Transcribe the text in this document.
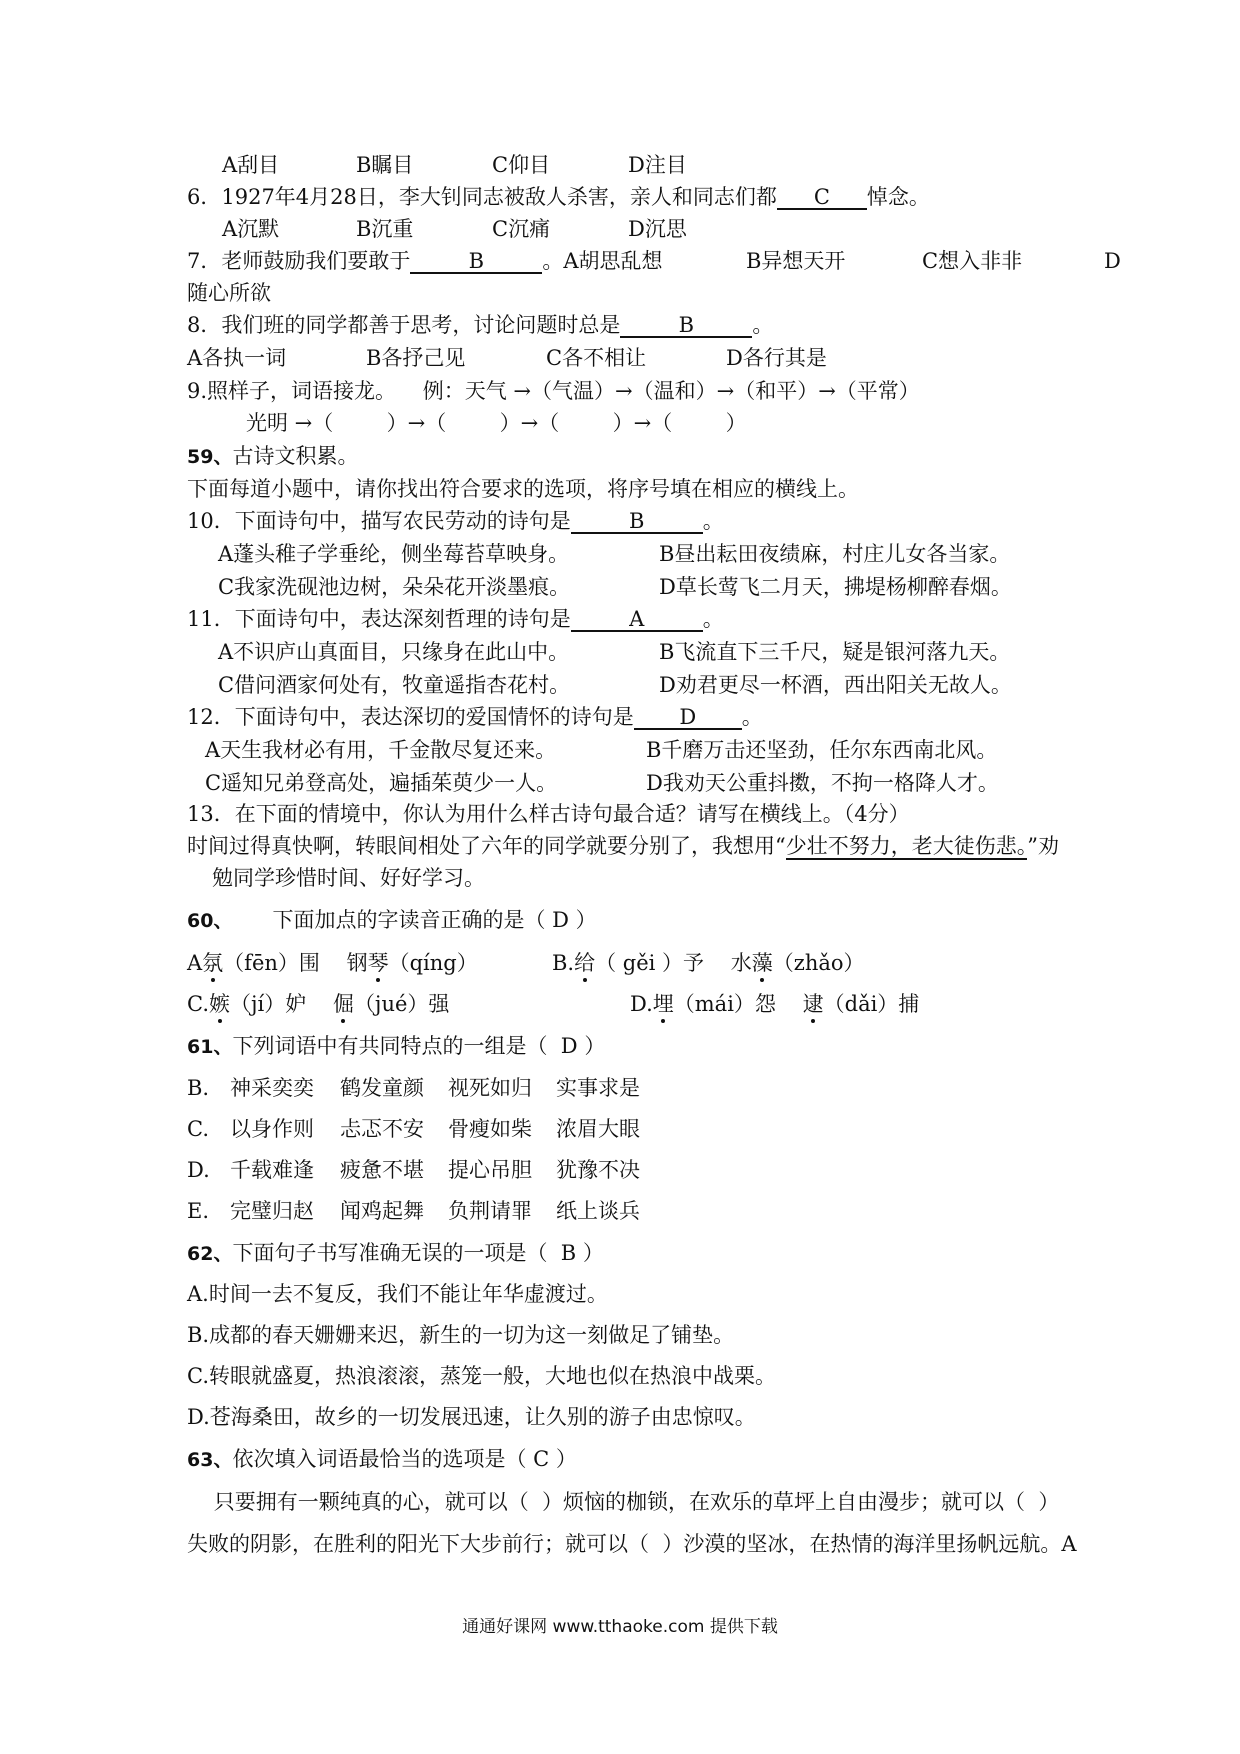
A刮目	B瞩目	C仰目	D注目
6．1927年4月28日，李大钊同志被敌人杀害，亲人和同志们都 C 悼念。
A沉默	B沉重	C沉痛	D沉思
7．老师鼓励我们要敢于	B	。A胡思乱想	B异想天开	C想入非非	D
随心所欲
8．我们班的同学都善于思考，讨论问题时总是	B	。
A各执一词	B各抒己见	C各不相让	D各行其是
9.照样子，词语接龙。    例：天气 →（气温）→（温和）→（和平）→（平常）
光明 →（        ）→（        ）→（        ）→（        ）
59、古诗文积累。
下面每道小题中，请你找出符合要求的选项，将序号填在相应的横线上。
10．下面诗句中，描写农民劳动的诗句是	B	。
A蓬头稚子学垂纶，侧坐莓苔草映身。	B昼出耘田夜绩麻，村庄儿女各当家。
C我家洗砚池边树，朵朵花开淡墨痕。	D草长莺飞二月天，拂堤杨柳醉春烟。
11．下面诗句中，表达深刻哲理的诗句是	A	。
A不识庐山真面目，只缘身在此山中。	B飞流直下三千尺，疑是银河落九天。
C借问酒家何处有，牧童遥指杏花村。	D劝君更尽一杯酒，西出阳关无故人。
12．下面诗句中，表达深切的爱国情怀的诗句是 D 。
A天生我材必有用，千金散尽复还来。	B千磨万击还坚劲，任尔东西南北风。
C遥知兄弟登高处，遍插茱萸少一人。	D我劝天公重抖擞，不拘一格降人才。
13．在下面的情境中，你认为用什么样古诗句最合适？请写在横线上。（4分）
时间过得真快啊，转眼间相处了六年的同学就要分别了，我想用“少壮不努力，老大徒伤悲。”劝
勉同学珍惜时间、好好学习。
60、 下面加点的字读音正确的是（ D ）
A氛（fēn）围    钢琴（qíng）	B.给（ gěi ）予    水藻（zhǎo）
C.嫉（jí）妒    倔（jué）强	D.埋（mái）怨    逮（dǎi）捕
61、下列词语中有共同特点的一组是（  D ）
B. 神采奕奕 鹤发童颜 视死如归 实事求是
C. 以身作则 忐忑不安 骨瘦如柴 浓眉大眼
D. 千载难逢 疲惫不堪 提心吊胆 犹豫不决
E. 完璧归赵 闻鸡起舞 负荆请罪 纸上谈兵
62、下面句子书写准确无误的一项是（  B ）
A.时间一去不复反，我们不能让年华虚渡过。
B.成都的春天姗姗来迟，新生的一切为这一刻做足了铺垫。
C.转眼就盛夏，热浪滚滚，蒸笼一般，大地也似在热浪中战栗。
D.苍海桑田，故乡的一切发展迅速，让久别的游子由忠惊叹。
63、依次填入词语最恰当的选项是（ C ）
只要拥有一颗纯真的心，就可以（  ）烦恼的枷锁，在欢乐的草坪上自由漫步；就可以（  ）
失败的阴影，在胜利的阳光下大步前行；就可以（  ）沙漠的坚冰，在热情的海洋里扬帆远航。A
通通好课网 www.tthaoke.com 提供下载
